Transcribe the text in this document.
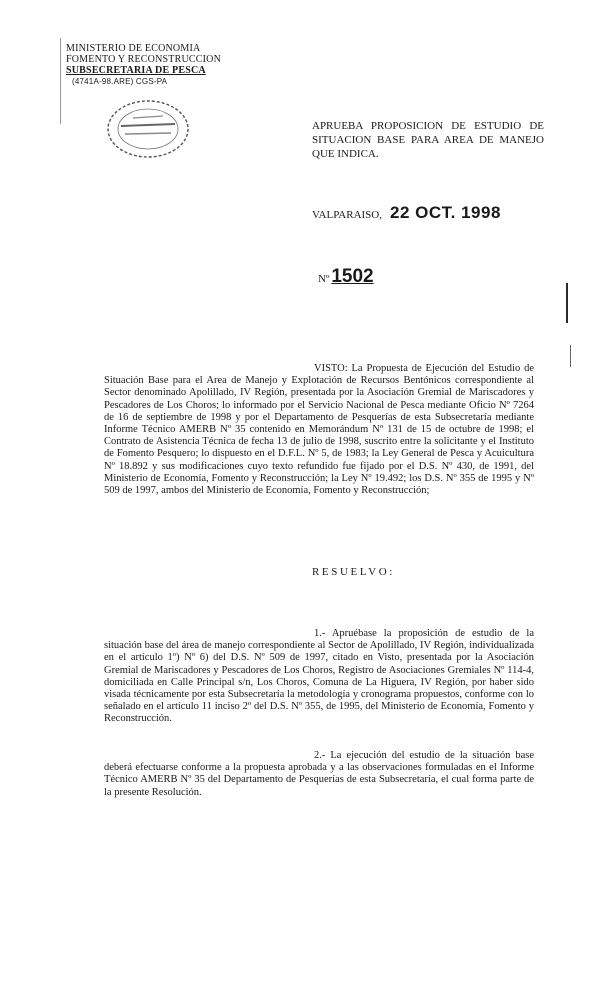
MINISTERIO DE ECONOMIA
FOMENTO Y RECONSTRUCCION
SUBSECRETARIA DE PESCA
(4741A-98.ARE) CGS-PA
APRUEBA PROPOSICION DE ESTUDIO DE SITUACION BASE PARA AREA DE MANEJO QUE INDICA.
VALPARAISO, 22 OCT. 1998
Nº 1502

VISTO: La Propuesta de Ejecución del Estudio de Situación Base para el Area de Manejo y Explotación de Recursos Bentónicos correspondiente al Sector denominado Apolillado, IV Región, presentada por la Asociación Gremial de Mariscadores y Pescadores de Los Choros; lo informado por el Servicio Nacional de Pesca mediante Oficio Nº 7264 de 16 de septiembre de 1998 y por el Departamento de Pesquerías de esta Subsecretaría mediante Informe Técnico AMERB Nº 35 contenido en Memorándum Nº 131 de 15 de octubre de 1998; el Contrato de Asistencia Técnica de fecha 13 de julio de 1998, suscrito entre la solicitante y el Instituto de Fomento Pesquero; lo dispuesto en el D.F.L. Nº 5, de 1983; la Ley General de Pesca y Acuicultura Nº 18.892 y sus modificaciones cuyo texto refundido fue fijado por el D.S. Nº 430, de 1991, del Ministerio de Economía, Fomento y Reconstrucción; la Ley Nº 19.492; los D.S. Nº 355 de 1995 y Nº 509 de 1997, ambos del Ministerio de Economía, Fomento y Reconstrucción;

RESUELVO:

1.- Apruébase la proposición de estudio de la situación base del área de manejo correspondiente al Sector de Apolillado, IV Región, individualizada en el artículo 1º) Nº 6) del D.S. Nº 509 de 1997, citado en Visto, presentada por la Asociación Gremial de Mariscadores y Pescadores de Los Choros, Registro de Asociaciones Gremiales Nº 114-4, domiciliada en Calle Principal s/n, Los Choros, Comuna de La Higuera, IV Región, por haber sido visada técnicamente por esta Subsecretaría la metodología y cronograma propuestos, conforme con lo señalado en el artículo 11 inciso 2º del D.S. Nº 355, de 1995, del Ministerio de Economía, Fomento y Reconstrucción.

2.- La ejecución del estudio de la situación base deberá efectuarse conforme a la propuesta aprobada y a las observaciones formuladas en el Informe Técnico AMERB Nº 35 del Departamento de Pesquerías de esta Subsecretaría, el cual forma parte de la presente Resolución.
